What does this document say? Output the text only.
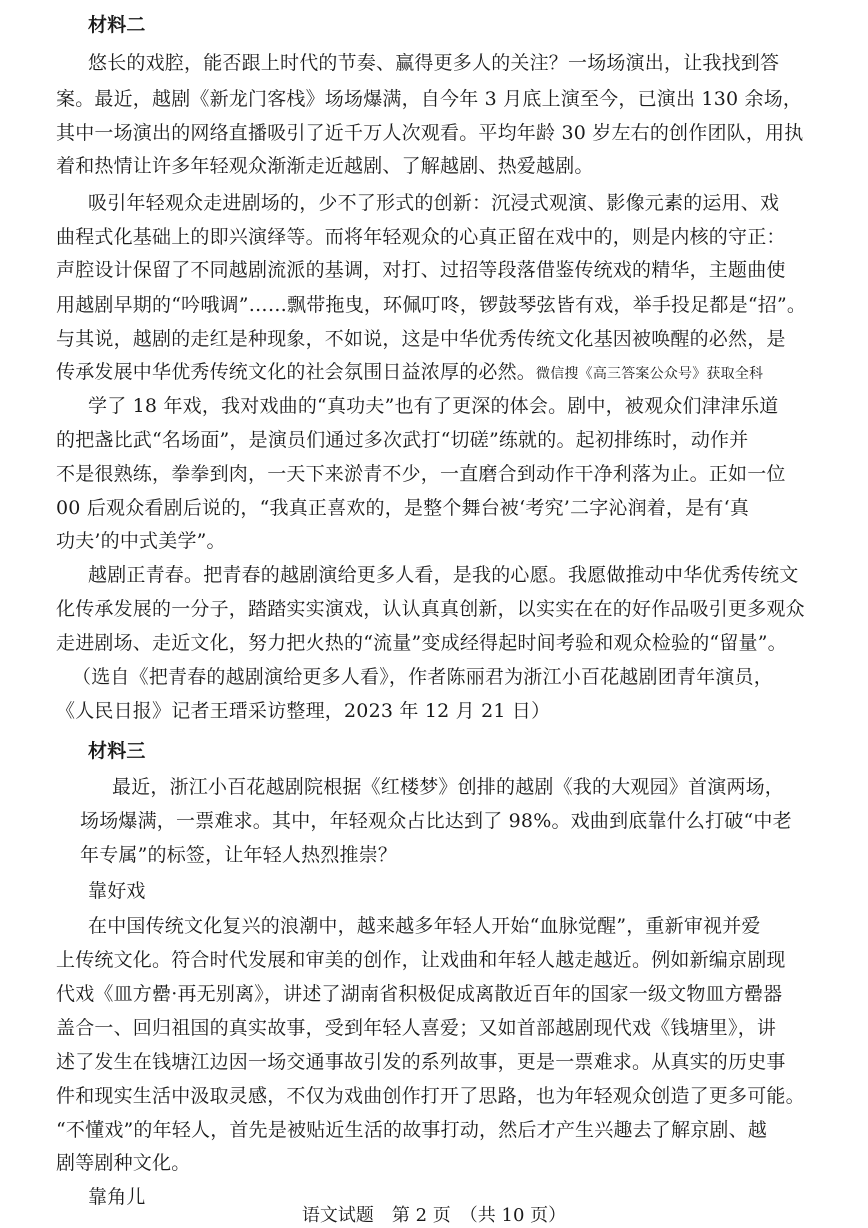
材料二
悠长的戏腔，能否跟上时代的节奏、赢得更多人的关注？一场场演出，让我找到答
案。最近，越剧《新龙门客栈》场场爆满，自今年 3 月底上演至今，已演出 130 余场，
其中一场演出的网络直播吸引了近千万人次观看。平均年龄 30 岁左右的创作团队，用执
着和热情让许多年轻观众渐渐走近越剧、了解越剧、热爱越剧。
吸引年轻观众走进剧场的，少不了形式的创新：沉浸式观演、影像元素的运用、戏
曲程式化基础上的即兴演绎等。而将年轻观众的心真正留在戏中的，则是内核的守正：
声腔设计保留了不同越剧流派的基调，对打、过招等段落借鉴传统戏的精华，主题曲使
用越剧早期的“吟哦调”……飘带拖曳，环佩叮咚，锣鼓琴弦皆有戏，举手投足都是“招”。
与其说，越剧的走红是种现象，不如说，这是中华优秀传统文化基因被唤醒的必然，是
传承发展中华优秀传统文化的社会氛围日益浓厚的必然。微信搜《高三答案公众号》获取全科
学了 18 年戏，我对戏曲的“真功夫”也有了更深的体会。剧中，被观众们津津乐道
的把盏比武“名场面”，是演员们通过多次武打“切磋”练就的。起初排练时，动作并
不是很熟练，拳拳到肉，一天下来淤青不少，一直磨合到动作干净利落为止。正如一位
00 后观众看剧后说的，“我真正喜欢的，是整个舞台被‘考究’二字沁润着，是有‘真
功夫’的中式美学”。
越剧正青春。把青春的越剧演给更多人看，是我的心愿。我愿做推动中华优秀传统文
化传承发展的一分子，踏踏实实演戏，认认真真创新，以实实在在的好作品吸引更多观众
走进剧场、走近文化，努力把火热的“流量”变成经得起时间考验和观众检验的“留量”。
（选自《把青春的越剧演给更多人看》，作者陈丽君为浙江小百花越剧团青年演员，
《人民日报》记者王瑨采访整理，2023 年 12 月 21 日）
材料三
最近，浙江小百花越剧院根据《红楼梦》创排的越剧《我的大观园》首演两场，
场场爆满，一票难求。其中，年轻观众占比达到了 98%。戏曲到底靠什么打破“中老
年专属”的标签，让年轻人热烈推崇？
靠好戏
在中国传统文化复兴的浪潮中，越来越多年轻人开始“血脉觉醒”，重新审视并爱
上传统文化。符合时代发展和审美的创作，让戏曲和年轻人越走越近。例如新编京剧现
代戏《皿方罍·再无别离》，讲述了湖南省积极促成离散近百年的国家一级文物皿方罍器
盖合一、回归祖国的真实故事，受到年轻人喜爱；又如首部越剧现代戏《钱塘里》，讲
述了发生在钱塘江边因一场交通事故引发的系列故事，更是一票难求。从真实的历史事
件和现实生活中汲取灵感，不仅为戏曲创作打开了思路，也为年轻观众创造了更多可能。
“不懂戏”的年轻人，首先是被贴近生活的故事打动，然后才产生兴趣去了解京剧、越
剧等剧种文化。
靠角儿
语文试题　第 2 页　（共 10 页）
